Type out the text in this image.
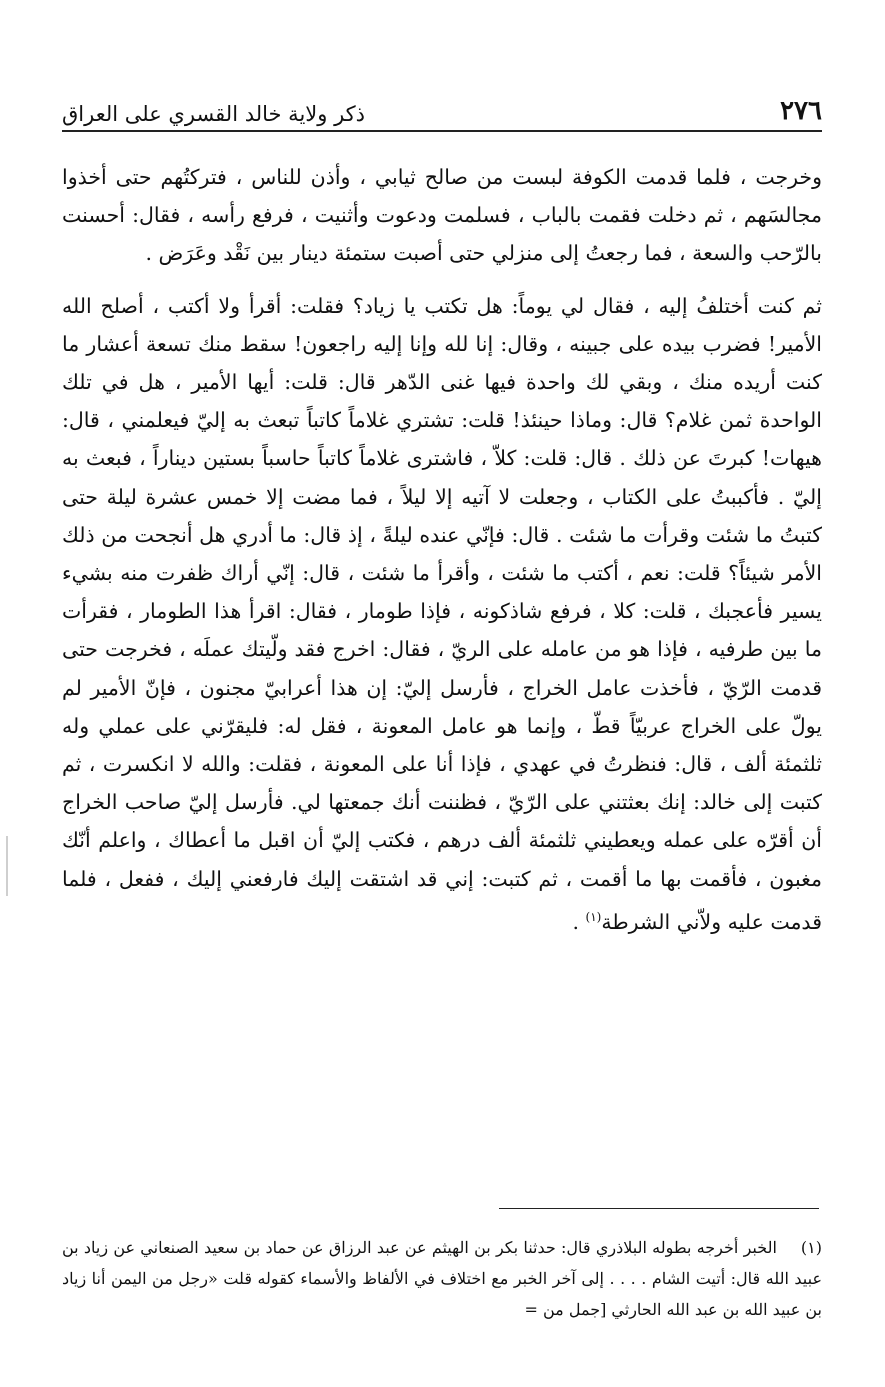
٢٧٦
ذكر ولاية خالد القسري على العراق

وخرجت ، فلما قدمت الكوفة لبست من صالح ثيابي ، وأذن للناس ، فتركتُهم حتى أخذوا مجالسَهم ، ثم دخلت فقمت بالباب ، فسلمت ودعوت وأثنيت ، فرفع رأسه ، فقال: أحسنت بالرّحب والسعة ، فما رجعتُ إلى منزلي حتى أصبت ستمئة دينار بين نَقْد وعَرَض .

ثم كنت أختلفُ إليه ، فقال لي يوماً: هل تكتب يا زياد؟ فقلت: أقرأ ولا أكتب ، أصلح الله الأمير! فضرب بيده على جبينه ، وقال: إنا لله وإنا إليه راجعون! سقط منك تسعة أعشار ما كنت أريده منك ، وبقي لك واحدة فيها غنى الدّهر قال: قلت: أيها الأمير ، هل في تلك الواحدة ثمن غلام؟ قال: وماذا حينئذ! قلت: تشتري غلاماً كاتباً تبعث به إليّ فيعلمني ، قال: هيهات! كبرتَ عن ذلك . قال: قلت: كلاّ ، فاشترى غلاماً كاتباً حاسباً بستين ديناراً ، فبعث به إليّ . فأكببتُ على الكتاب ، وجعلت لا آتيه إلا ليلاً ، فما مضت إلا خمس عشرة ليلة حتى كتبتُ ما شئت وقرأت ما شئت . قال: فإنّي عنده ليلةً ، إذ قال: ما أدري هل أنجحت من ذلك الأمر شيئاً؟ قلت: نعم ، أكتب ما شئت ، وأقرأ ما شئت ، قال: إنّي أراك ظفرت منه بشيء يسير فأعجبك ، قلت: كلا ، فرفع شاذكونه ، فإذا طومار ، فقال: اقرأ هذا الطومار ، فقرأت ما بين طرفيه ، فإذا هو من عامله على الريّ ، فقال: اخرج فقد ولّيتك عملَه ، فخرجت حتى قدمت الرّيّ ، فأخذت عامل الخراج ، فأرسل إليّ: إن هذا أعرابيّ مجنون ، فإنّ الأمير لم يولّ على الخراج عربيّاً قطّ ، وإنما هو عامل المعونة ، فقل له: فليقرّني على عملي وله ثلثمئة ألف ، قال: فنظرتُ في عهدي ، فإذا أنا على المعونة ، فقلت: والله لا انكسرت ، ثم كتبت إلى خالد: إنك بعثتني على الرّيّ ، فظننت أنك جمعتها لي. فأرسل إليّ صاحب الخراج أن أقرّه على عمله ويعطيني ثلثمئة ألف درهم ، فكتب إليّ أن اقبل ما أعطاك ، واعلم أنّك مغبون ، فأقمت بها ما أقمت ، ثم كتبت: إني قد اشتقت إليك فارفعني إليك ، ففعل ، فلما قدمت عليه ولاّني الشرطة$^{(١)}$ .

(١)الخبر أخرجه بطوله البلاذري قال: حدثنا بكر بن الهيثم عن عبد الرزاق عن حماد بن سعيد الصنعاني عن زياد بن عبيد الله قال: أتيت الشام . . . . إلى آخر الخبر مع اختلاف في الألفاظ والأسماء كقوله قلت «رجل من اليمن أنا زياد بن عبيد الله بن عبد الله الحارثي [جمل من =
